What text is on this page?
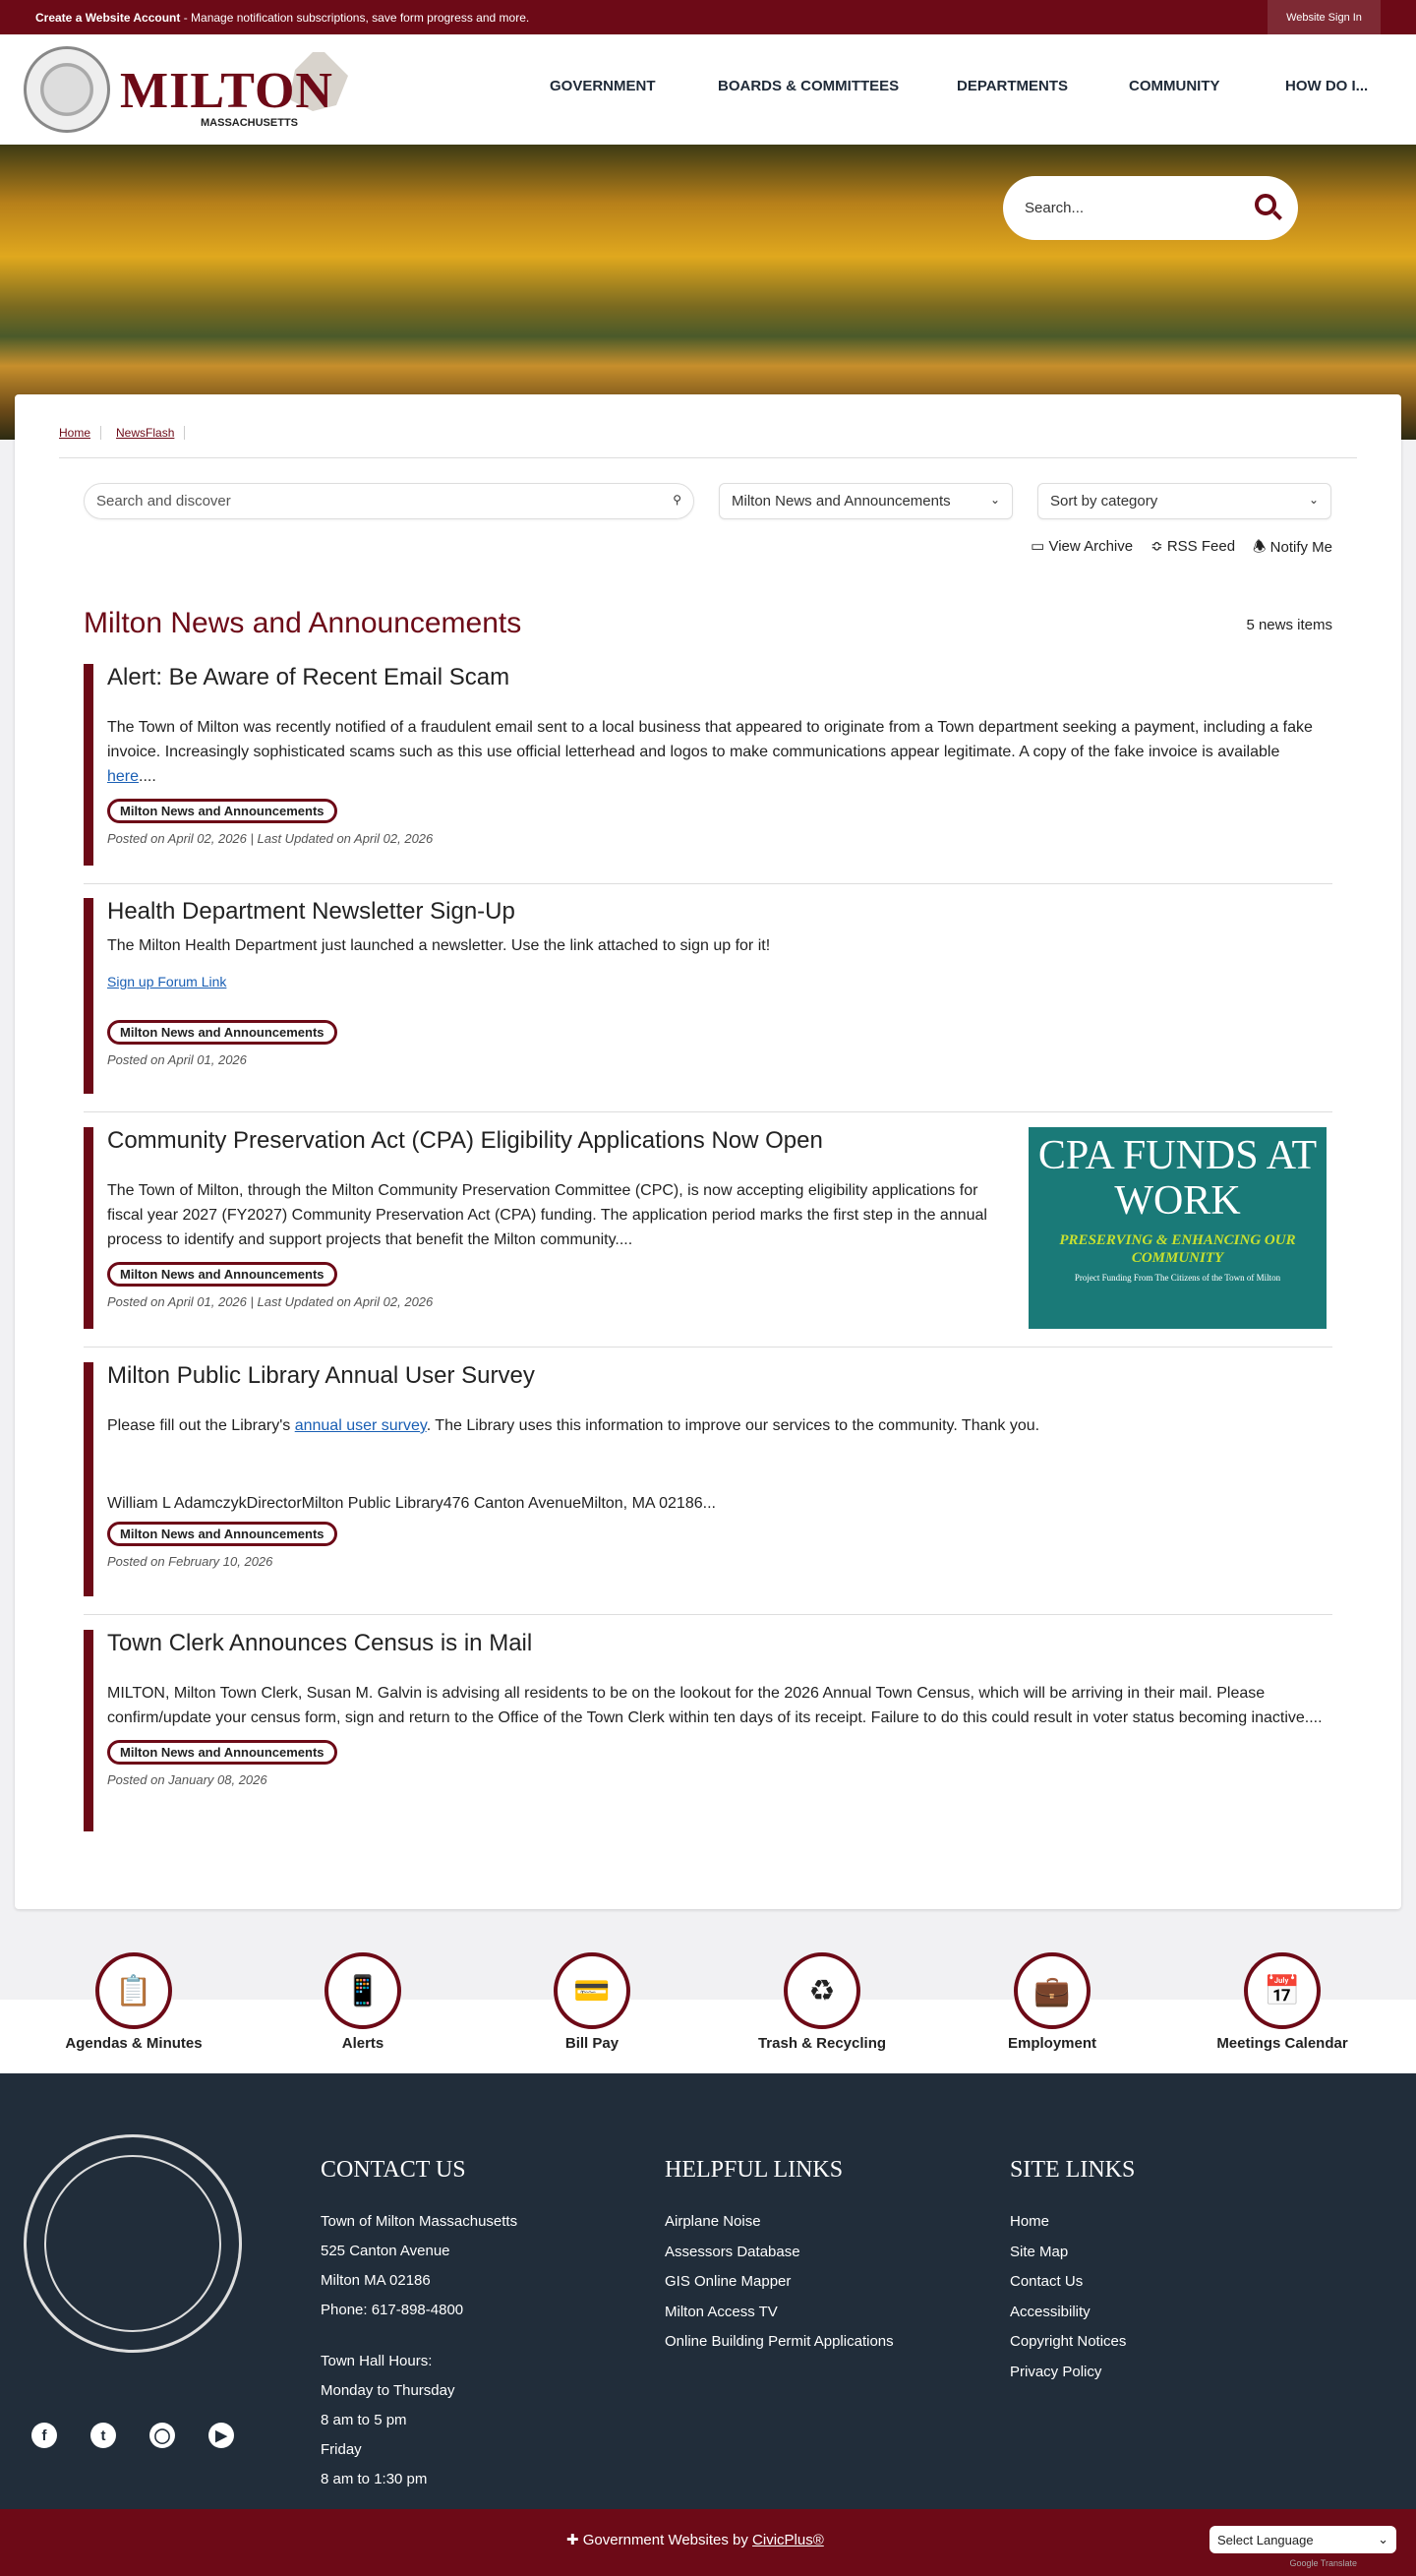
Create a Website Account - Manage notification subscriptions, save form progress and more.	Website Sign In
MILTON
MASSACHUSETTS
GOVERNMENT	BOARDS & COMMITTEES	DEPARTMENTS	COMMUNITY	HOW DO I...
Search...
Home	NewsFlash
Search and discover	⚲	Milton News and Announcements	⌄	Sort by category	⌄
▭ View Archive ≎ RSS Feed 🕭 Notify Me
Milton News and Announcements	5 news items
Alert: Be Aware of Recent Email Scam

The Town of Milton was recently notified of a fraudulent email sent to a local business that appeared to originate from a Town department seeking a payment, including a fake invoice. Increasingly sophisticated scams such as this use official letterhead and logos to make communications appear legitimate. A copy of the fake invoice is available here....

Milton News and Announcements
Posted on April 02, 2026 | Last Updated on April 02, 2026
Health Department Newsletter Sign-Up

The Milton Health Department just launched a newsletter. Use the link attached to sign up for it!

Sign up Forum Link

Milton News and Announcements
Posted on April 01, 2026
Community Preservation Act (CPA) Eligibility Applications Now Open

The Town of Milton, through the Milton Community Preservation Committee (CPC), is now accepting eligibility applications for fiscal year 2027 (FY2027) Community Preservation Act (CPA) funding. The application period marks the first step in the annual process to identify and support projects that benefit the Milton community....

Milton News and Announcements
Posted on April 01, 2026 | Last Updated on April 02, 2026
CPA FUNDS AT WORK
PRESERVING & ENHANCING OUR COMMUNITY
Project Funding From The Citizens of the Town of Milton
Milton Public Library Annual User Survey

Please fill out the Library's annual user survey. The Library uses this information to improve our services to the community. Thank you.

William L AdamczykDirectorMilton Public Library476 Canton AvenueMilton, MA 02186...

Milton News and Announcements
Posted on February 10, 2026
Town Clerk Announces Census is in Mail

MILTON, Milton Town Clerk, Susan M. Galvin is advising all residents to be on the lookout for the 2026 Annual Town Census, which will be arriving in their mail. Please confirm/update your census form, sign and return to the Office of the Town Clerk within ten days of its receipt. Failure to do this could result in voter status becoming inactive....

Milton News and Announcements
Posted on January 08, 2026
📋
Agendas & Minutes
📱
Alerts
💳
Bill Pay
♻
Trash & Recycling
💼
Employment
📅
Meetings Calendar
CONTACT US
Town of Milton Massachusetts
525 Canton Avenue
Milton MA 02186
Phone: 617-898-4800
Town Hall Hours:
Monday to Thursday
8 am to 5 pm
Friday
8 am to 1:30 pm
HELPFUL LINKS
Airplane Noise
Assessors Database
GIS Online Mapper
Milton Access TV
Online Building Permit Applications
SITE LINKS
Home
Site Map
Contact Us
Accessibility
Copyright Notices
Privacy Policy
f	t	◯	▶
✚ Government Websites by CivicPlus®	Select Language	⌄
Google Translate
